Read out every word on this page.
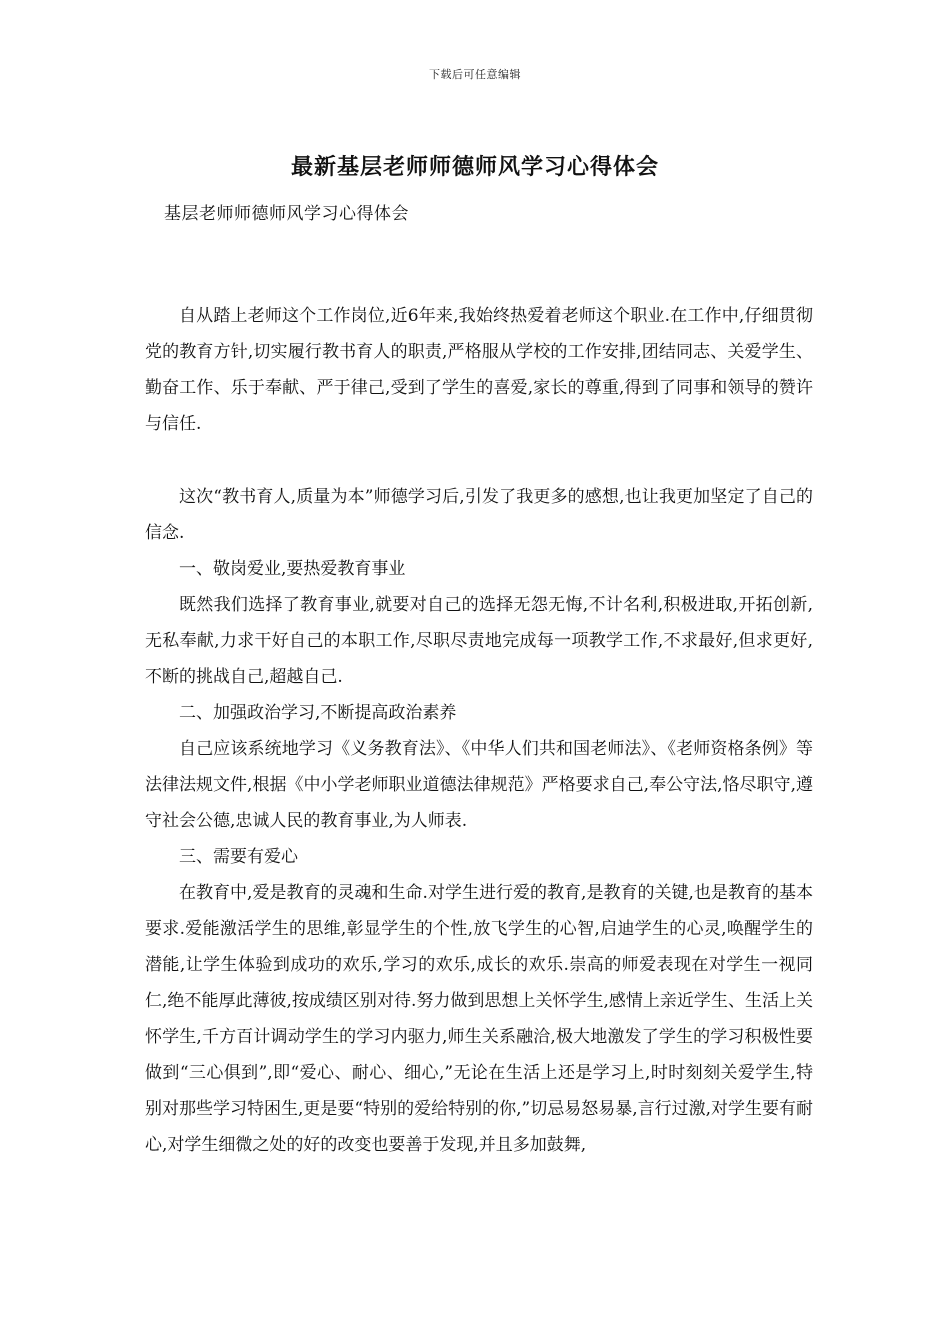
下载后可任意编辑
最新基层老师师德师风学习心得体会
基层老师师德师风学习心得体会

自从踏上老师这个工作岗位,近6年来,我始终热爱着老师这个职业.在工作中,仔细贯彻党的教育方针,切实履行教书育人的职责,严格服从学校的工作安排,团结同志、关爱学生、勤奋工作、乐于奉献、严于律己,受到了学生的喜爱,家长的尊重,得到了同事和领导的赞许与信任.

这次“教书育人,质量为本”师德学习后,引发了我更多的感想,也让我更加坚定了自己的信念.

一、敬岗爱业,要热爱教育事业

既然我们选择了教育事业,就要对自己的选择无怨无悔,不计名利,积极进取,开拓创新,无私奉献,力求干好自己的本职工作,尽职尽责地完成每一项教学工作,不求最好,但求更好,不断的挑战自己,超越自己.

二、加强政治学习,不断提高政治素养

自己应该系统地学习《义务教育法》、《中华人们共和国老师法》、《老师资格条例》等法律法规文件,根据《中小学老师职业道德法律规范》严格要求自己,奉公守法,恪尽职守,遵守社会公德,忠诚人民的教育事业,为人师表.

三、需要有爱心

在教育中,爱是教育的灵魂和生命.对学生进行爱的教育,是教育的关键,也是教育的基本要求.爱能激活学生的思维,彰显学生的个性,放飞学生的心智,启迪学生的心灵,唤醒学生的潜能,让学生体验到成功的欢乐,学习的欢乐,成长的欢乐.崇高的师爱表现在对学生一视同仁,绝不能厚此薄彼,按成绩区别对待.努力做到思想上关怀学生,感情上亲近学生、生活上关怀学生,千方百计调动学生的学习内驱力,师生关系融洽,极大地激发了学生的学习积极性要做到“三心俱到”,即“爱心、耐心、细心,”无论在生活上还是学习上,时时刻刻关爱学生,特别对那些学习特困生,更是要“特别的爱给特别的你,”切忌易怒易暴,言行过激,对学生要有耐心,对学生细微之处的好的改变也要善于发现,并且多加鼓舞,
